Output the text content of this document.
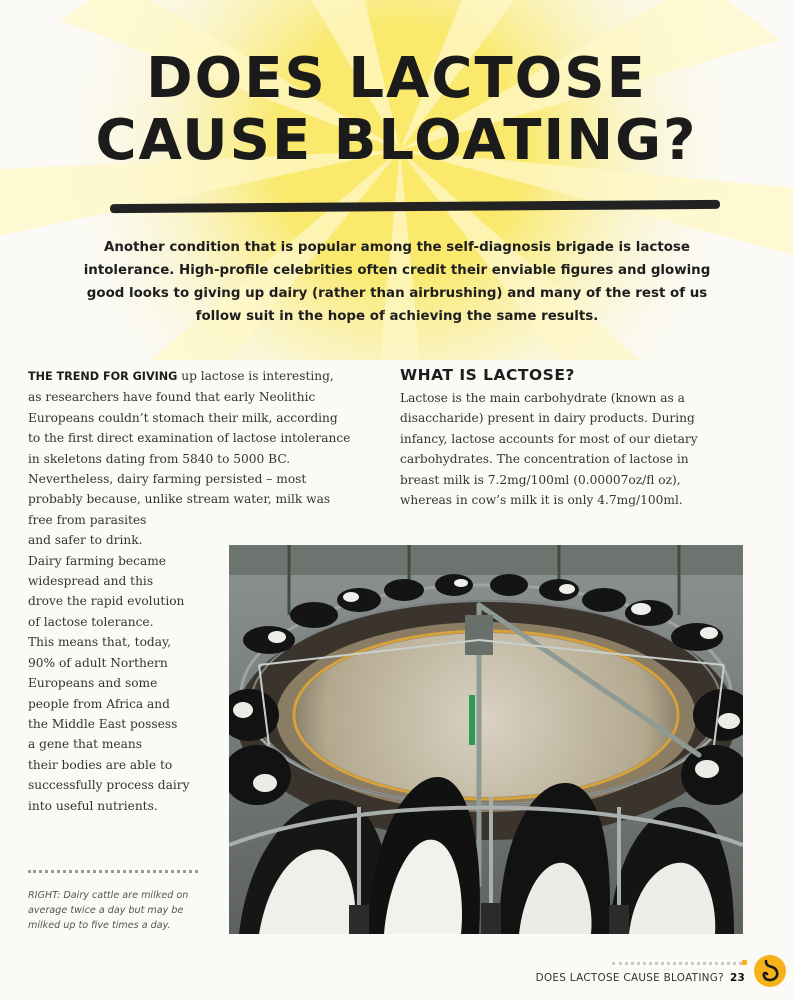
DOES LACTOSE CAUSE BLOATING?

Another condition that is popular among the self-diagnosis brigade is lactose intolerance. High-profile celebrities often credit their enviable figures and glowing good looks to giving up dairy (rather than airbrushing) and many of the rest of us follow suit in the hope of achieving the same results.

THE TREND FOR GIVING up lactose is interesting,

as researchers have found that early Neolithic

Europeans couldn’t stomach their milk, according

to the first direct examination of lactose intolerance

in skeletons dating from 5840 to 5000 BC.

Nevertheless, dairy farming persisted – most

probably because, unlike stream water, milk was

free from parasites

and safer to drink.

Dairy farming became

widespread and this

drove the rapid evolution

of lactose tolerance.

This means that, today,

90% of adult Northern

Europeans and some

people from Africa and

the Middle East possess

a gene that means

their bodies are able to

successfully process dairy

into useful nutrients.

WHAT IS LACTOSE?

Lactose is the main carbohydrate (known as a

disaccharide) present in dairy products. During

infancy, lactose accounts for most of our dietary

carbohydrates. The concentration of lactose in

breast milk is 7.2mg/100ml (0.00007oz/fl oz),

whereas in cow’s milk it is only 4.7mg/100ml.

RIGHT: Dairy cattle are milked on average twice a day but may be milked up to five times a day.

DOES LACTOSE CAUSE BLOATING? 23
